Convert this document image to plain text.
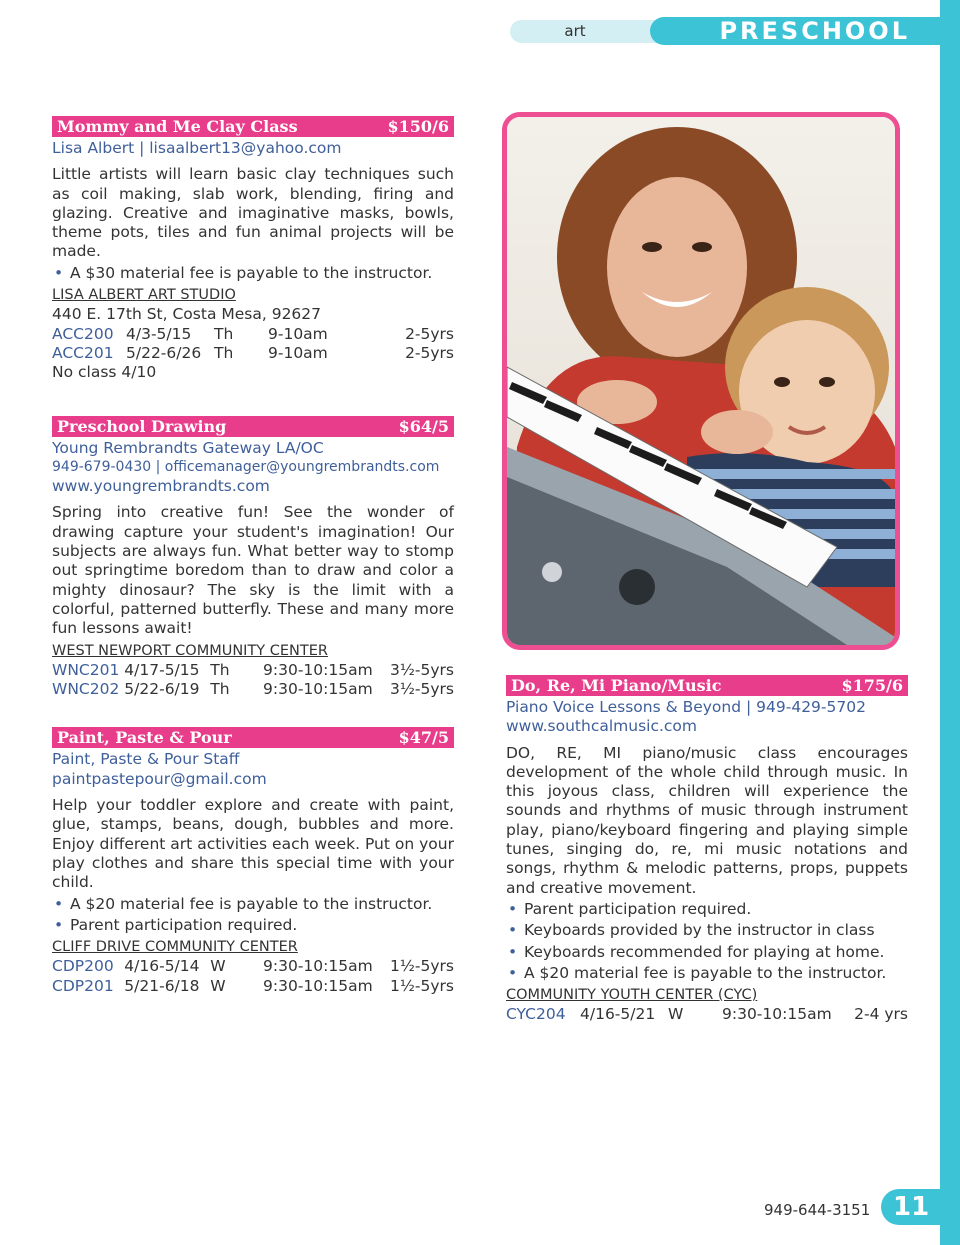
art	PRESCHOOL
Mommy and Me Clay Class	$150/6
Lisa Albert | lisaalbert13@yahoo.com
Little artists will learn basic clay techniques such as coil making, slab work, blending, firing and glazing. Creative and imaginative masks, bowls, theme pots, tiles and fun animal projects will be made.
• A $30 material fee is payable to the instructor.
LISA ALBERT ART STUDIO
440 E. 17th St, Costa Mesa, 92627
ACC200 4/3-5/15	Th	9-10am	2-5yrs
ACC201 5/22-6/26 Th	9-10am	2-5yrs
No class 4/10
Preschool Drawing	$64/5
Young Rembrandts Gateway LA/OC
949-679-0430 | officemanager@youngrembrandts.com
www.youngrembrandts.com
Spring into creative fun! See the wonder of drawing capture your student's imagination! Our subjects are always fun. What better way to stomp out springtime boredom than to draw and color a mighty dinosaur? The sky is the limit with a colorful, patterned butterfly. These and many more fun lessons await!
WEST NEWPORT COMMUNITY CENTER
WNC201 4/17-5/15 Th	9:30-10:15am	3½-5yrs
WNC202 5/22-6/19 Th	9:30-10:15am	3½-5yrs
Paint, Paste & Pour	$47/5
Paint, Paste & Pour Staff
paintpastepour@gmail.com
Help your toddler explore and create with paint, glue, stamps, beans, dough, bubbles and more. Enjoy different art activities each week. Put on your play clothes and share this special time with your child.
• A $20 material fee is payable to the instructor.
• Parent participation required.
CLIFF DRIVE COMMUNITY CENTER
CDP200 4/16-5/14 W	9:30-10:15am	1½-5yrs
CDP201 5/21-6/18 W	9:30-10:15am	1½-5yrs
Do, Re, Mi Piano/Music	$175/6
Piano Voice Lessons & Beyond | 949-429-5702
www.southcalmusic.com
DO, RE, MI piano/music class encourages development of the whole child through music. In this joyous class, children will experience the sounds and rhythms of music through instrument play, piano/keyboard fingering and playing simple tunes, singing do, re, mi music notations and songs, rhythm & melodic patterns, props, puppets and creative movement.
• Parent participation required.
• Keyboards provided by the instructor in class
• Keyboards recommended for playing at home.
• A $20 material fee is payable to the instructor.
COMMUNITY YOUTH CENTER (CYC)
CYC204 4/16-5/21 W	9:30-10:15am	2-4 yrs
949-644-3151 11
